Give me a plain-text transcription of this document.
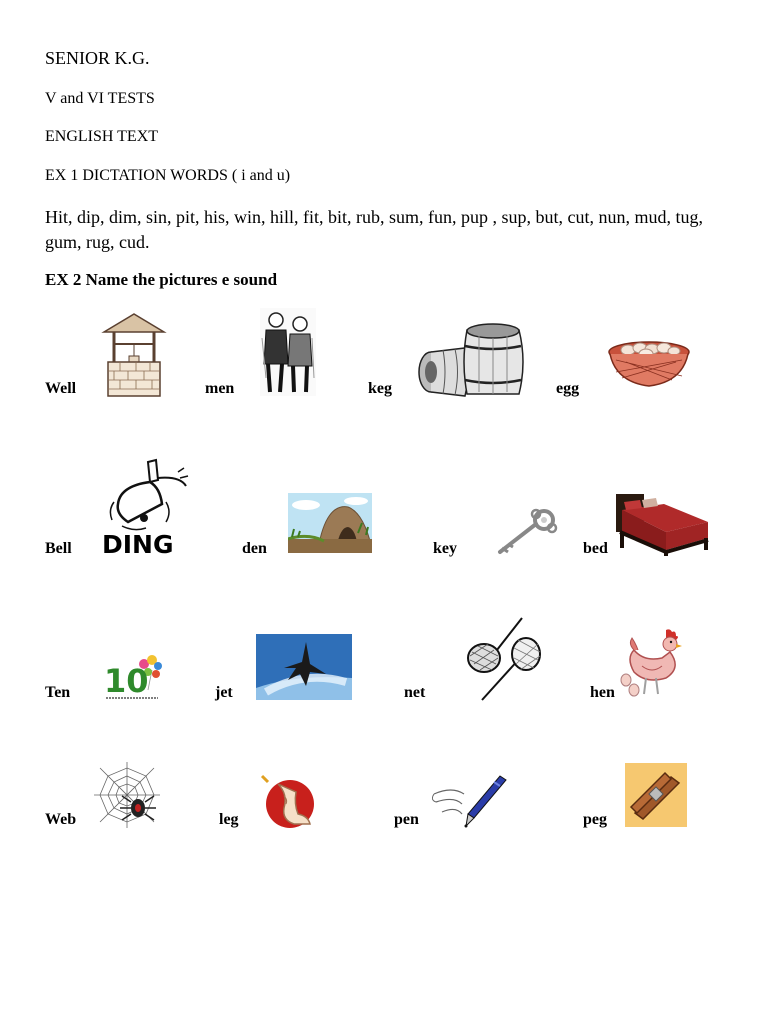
SENIOR K.G.
V and VI TESTS
ENGLISH TEXT
EX 1 DICTATION WORDS ( i and u)
Hit, dip, dim, sin, pit, his, win, hill, fit, bit, rub, sum, fun, pup , sup, but, cut, nun, mud, tug, gum, rug, cud.
EX 2 Name the pictures e sound
Well	men	keg	egg
Bell DING	den	key	bed
Ten 10	jet	net	hen
Web	leg	pen	peg
